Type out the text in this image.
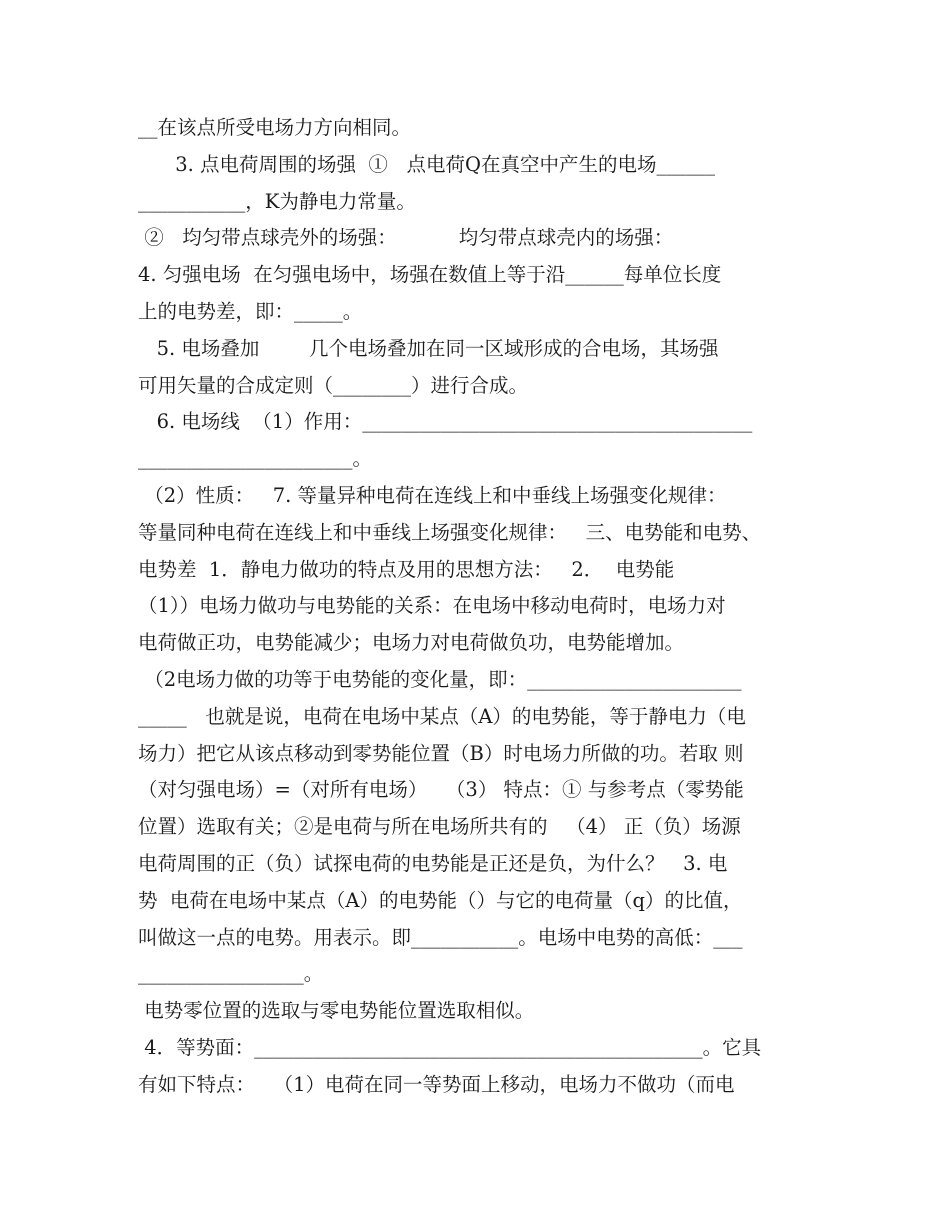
__在该点所受电场力方向相同。
3. 点电荷周围的场强  ①   点电荷Q在真空中产生的电场______
___________，K为静电力常量。
②   均匀带点球壳外的场强：          均匀带点球壳内的场强：
4. 匀强电场  在匀强电场中，场强在数值上等于沿______每单位长度
上的电势差，即：_____。
5. 电场叠加        几个电场叠加在同一区域形成的合电场，其场强
可用矢量的合成定则（________）进行合成。
6. 电场线  （1）作用：________________________________________
______________________。
（2）性质：   7. 等量异种电荷在连线上和中垂线上场强变化规律：
等量同种电荷在连线上和中垂线上场强变化规律：   三、电势能和电势、
电势差  1．静电力做功的特点及用的思想方法：   2．  电势能
（1））电场力做功与电势能的关系：在电场中移动电荷时，电场力对
电荷做正功，电势能减少；电场力对电荷做负功，电势能增加。
（2电场力做的功等于电势能的变化量，即：______________________
_____   也就是说，电荷在电场中某点（A）的电势能，等于静电力（电
场力）把它从该点移动到零势能位置（B）时电场力所做的功。若取 则
（对匀强电场）=（对所有电场）   （3） 特点：① 与参考点（零势能
位置）选取有关；②是电荷与所在电场所共有的   （4） 正（负）场源
电荷周围的正（负）试探电荷的电势能是正还是负，为什么？   3. 电
势  电荷在电场中某点（A）的电势能（）与它的电荷量（q）的比值，
叫做这一点的电势。用表示。即___________。电场中电势的高低：___
_________________。
电势零位置的选取与零电势能位置选取相似。
4．等势面：______________________________________________。它具
有如下特点：   （1）电荷在同一等势面上移动，电场力不做功（而电
